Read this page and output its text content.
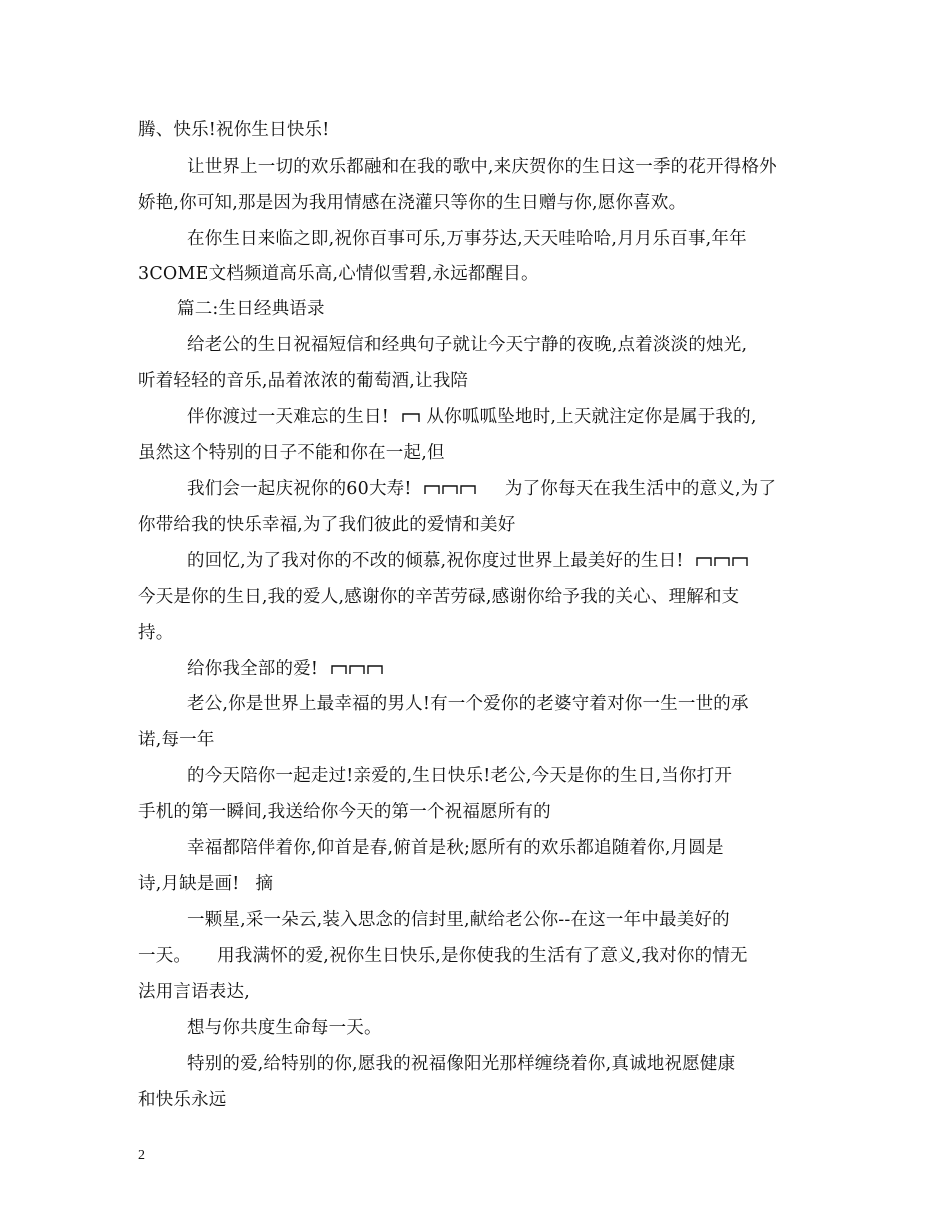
腾、快乐!祝你生日快乐!
让世界上一切的欢乐都融和在我的歌中,来庆贺你的生日这一季的花开得格外
娇艳,你可知,那是因为我用情感在浇灌只等你的生日赠与你,愿你喜欢。
在你生日来临之即,祝你百事可乐,万事芬达,天天哇哈哈,月月乐百事,年年
3COME文档频道高乐高,心情似雪碧,永远都醒目。
篇二:生日经典语录
给老公的生日祝福短信和经典句子就让今天宁静的夜晚,点着淡淡的烛光,
听着轻轻的音乐,品着浓浓的葡萄酒,让我陪
伴你渡过一天难忘的生日! 从你呱呱坠地时,上天就注定你是属于我的,
虽然这个特别的日子不能和你在一起,但
我们会一起庆祝你的60大寿!	为了你每天在我生活中的意义,为了
你带给我的快乐幸福,为了我们彼此的爱情和美好
的回忆,为了我对你的不改的倾慕,祝你度过世界上最美好的生日!
今天是你的生日,我的爱人,感谢你的辛苦劳碌,感谢你给予我的关心、理解和支
持。
给你我全部的爱!
老公,你是世界上最幸福的男人!有一个爱你的老婆守着对你一生一世的承
诺,每一年
的今天陪你一起走过!亲爱的,生日快乐!老公,今天是你的生日,当你打开
手机的第一瞬间,我送给你今天的第一个祝福愿所有的
幸福都陪伴着你,仰首是春,俯首是秋;愿所有的欢乐都追随着你,月圆是
诗,月缺是画! 摘
一颗星,采一朵云,装入思念的信封里,献给老公你--在这一年中最美好的
一天。 用我满怀的爱,祝你生日快乐,是你使我的生活有了意义,我对你的情无
法用言语表达,
想与你共度生命每一天。
特别的爱,给特别的你,愿我的祝福像阳光那样缠绕着你,真诚地祝愿健康
和快乐永远
2
